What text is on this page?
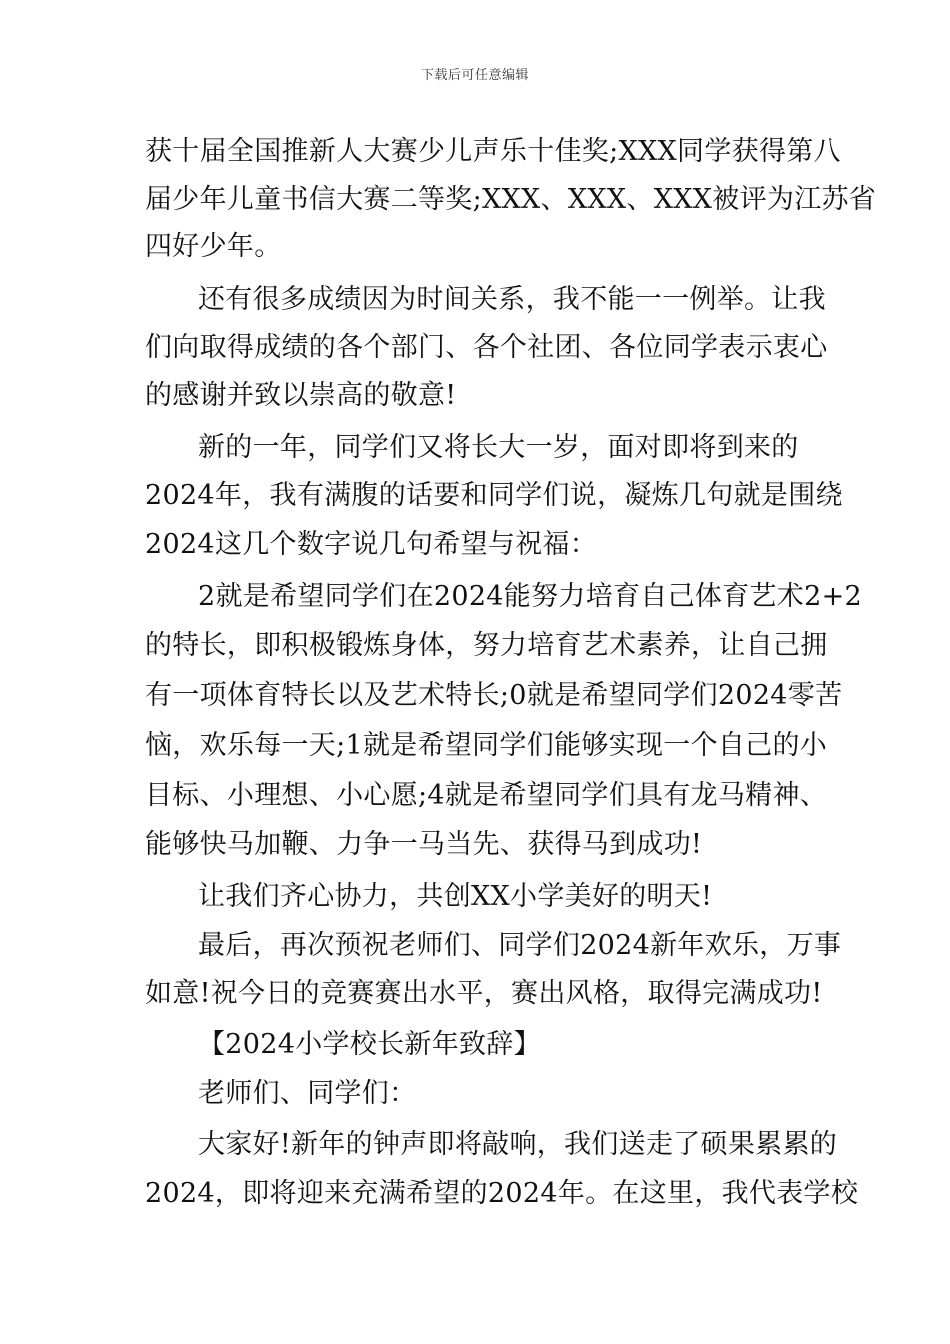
下载后可任意编辑
获十届全国推新人大赛少儿声乐十佳奖;XXX同学获得第八
届少年儿童书信大赛二等奖;XXX、XXX、XXX被评为江苏省
四好少年。
还有很多成绩因为时间关系，我不能一一例举。让我
们向取得成绩的各个部门、各个社团、各位同学表示衷心
的感谢并致以崇高的敬意!
新的一年，同学们又将长大一岁，面对即将到来的
2024年，我有满腹的话要和同学们说，凝炼几句就是围绕
2024这几个数字说几句希望与祝福：
2就是希望同学们在2024能努力培育自己体育艺术2+2
的特长，即积极锻炼身体，努力培育艺术素养，让自己拥
有一项体育特长以及艺术特长;0就是希望同学们2024零苦
恼，欢乐每一天;1就是希望同学们能够实现一个自己的小
目标、小理想、小心愿;4就是希望同学们具有龙马精神、
能够快马加鞭、力争一马当先、获得马到成功!
让我们齐心协力，共创XX小学美好的明天!
最后，再次预祝老师们、同学们2024新年欢乐，万事
如意!祝今日的竞赛赛出水平，赛出风格，取得完满成功!
【2024小学校长新年致辞】
老师们、同学们：
大家好!新年的钟声即将敲响，我们送走了硕果累累的
2024，即将迎来充满希望的2024年。在这里，我代表学校
